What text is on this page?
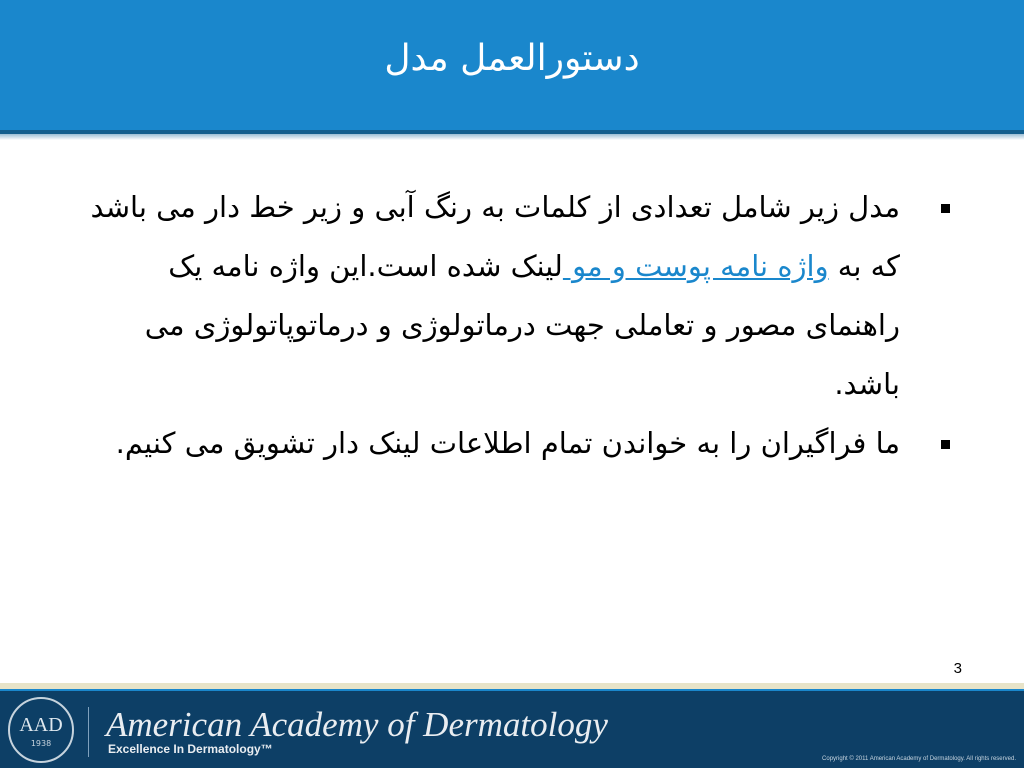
دستورالعمل مدل
مدل زیر شامل تعدادی از کلمات به رنگ آبی و زیر خط دار می باشد که به واژه نامه پوست و مو لینک شده است.این واژه نامه یک راهنمای مصور و تعاملی جهت درماتولوژی و درماتوپاتولوژی می باشد.
ما فراگیران را به خواندن تمام اطلاعات لینک دار تشویق می کنیم.
3
AAD
1938	American Academy of Dermatology
Excellence In Dermatology™
Copyright © 2011 American Academy of Dermatology. All rights reserved.
